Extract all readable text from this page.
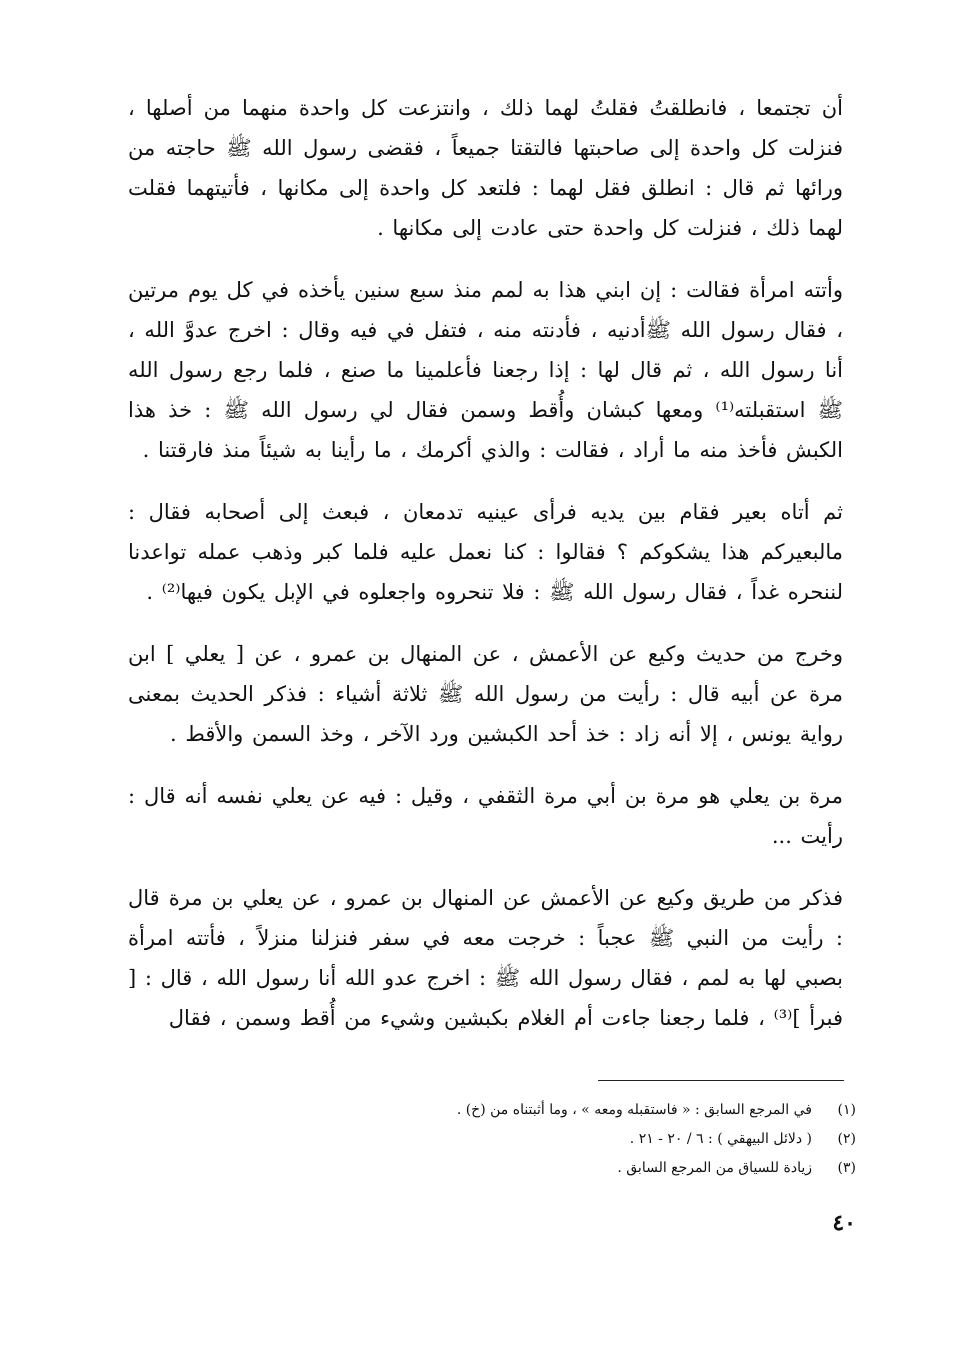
أن تجتمعا ، فانطلقتُ فقلتُ لهما ذلك ، وانتزعت كل واحدة منهما من أصلها ، فنزلت كل واحدة إلى صاحبتها فالتقتا جميعاً ، فقضى رسول الله ﷺ حاجته من ورائها ثم قال : انطلق فقل لهما : فلتعد كل واحدة إلى مكانها ، فأتيتهما فقلت لهما ذلك ، فنزلت كل واحدة حتى عادت إلى مكانها .

وأتته امرأة فقالت : إن ابني هذا به لمم منذ سبع سنين يأخذه في كل يوم مرتين ، فقال رسول الله ﷺأدنيه ، فأدنته منه ، فتفل في فيه وقال : اخرج عدوَّ الله ، أنا رسول الله ، ثم قال لها : إذا رجعنا فأعلمينا ما صنع ، فلما رجع رسول الله ﷺ استقبلته⁽¹⁾ ومعها كبشان وأُقط وسمن فقال لي رسول الله ﷺ : خذ هذا الكبش فأخذ منه ما أراد ، فقالت : والذي أكرمك ، ما رأينا به شيئاً منذ فارقتنا .

ثم أتاه بعير فقام بين يديه فرأى عينيه تدمعان ، فبعث إلى أصحابه فقال : مالبعيركم هذا يشكوكم ؟ فقالوا : كنا نعمل عليه فلما كبر وذهب عمله تواعدنا لننحره غداً ، فقال رسول الله ﷺ : فلا تنحروه واجعلوه في الإبل يكون فيها⁽²⁾ .

وخرج من حديث وكيع عن الأعمش ، عن المنهال بن عمرو ، عن [ يعلي ] ابن مرة عن أبيه قال : رأيت من رسول الله ﷺ ثلاثة أشياء : فذكر الحديث بمعنى رواية يونس ، إلا أنه زاد : خذ أحد الكبشين ورد الآخر ، وخذ السمن والأقط .

مرة بن يعلي هو مرة بن أبي مرة الثقفي ، وقيل : فيه عن يعلي نفسه أنه قال : رأيت ...

فذكر من طريق وكيع عن الأعمش عن المنهال بن عمرو ، عن يعلي بن مرة قال : رأيت من النبي ﷺ عجباً : خرجت معه في سفر فنزلنا منزلاً ، فأتته امرأة بصبي لها به لمم ، فقال رسول الله ﷺ : اخرج عدو الله أنا رسول الله ، قال : [ فبرأ ]⁽³⁾ ، فلما رجعنا جاءت أم الغلام بكبشين وشيء من أُقط وسمن ، فقال

(١)
في المرجع السابق : « فاستقبله ومعه » ، وما أثبتناه من (خ) .
(٢)
( دلائل البيهقي ) : ٦ / ٢٠ - ٢١ .
(٣)
زيادة للسياق من المرجع السابق .
٤٠
